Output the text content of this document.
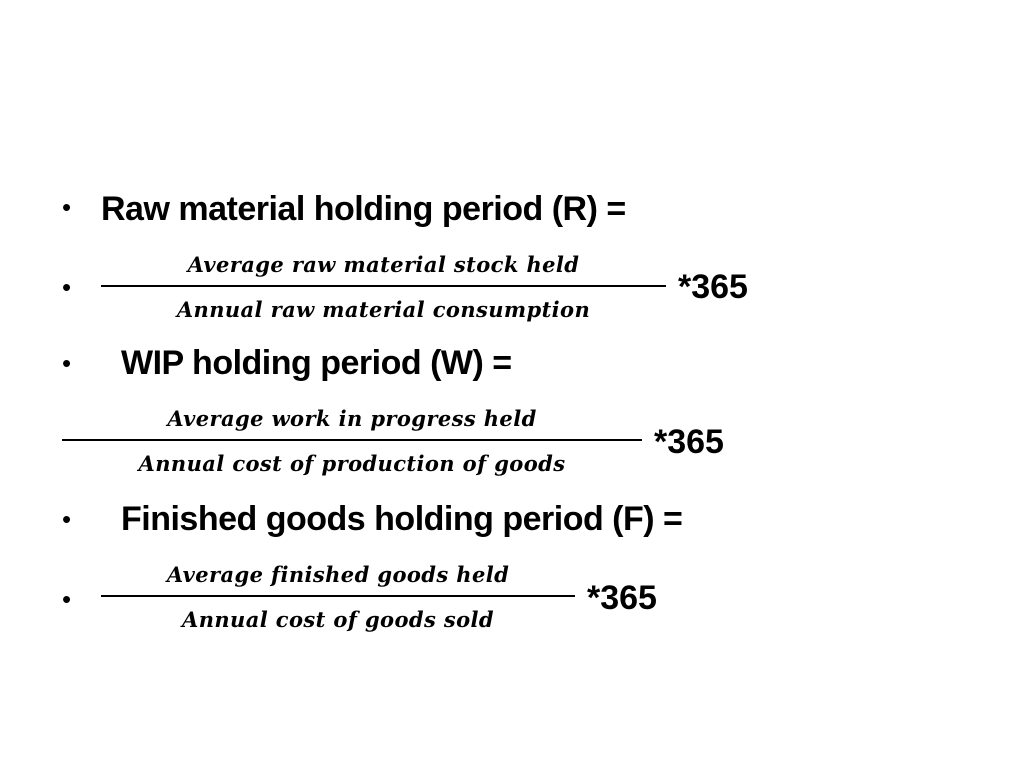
• Raw material holding period (R) =
•
Average raw material stock held
Annual raw material consumption
*365
• WIP holding period (W) =
Average work in progress held
Annual cost of production of goods
*365
• Finished goods holding period (F) =
•
Average finished goods held
Annual cost of goods sold
*365
